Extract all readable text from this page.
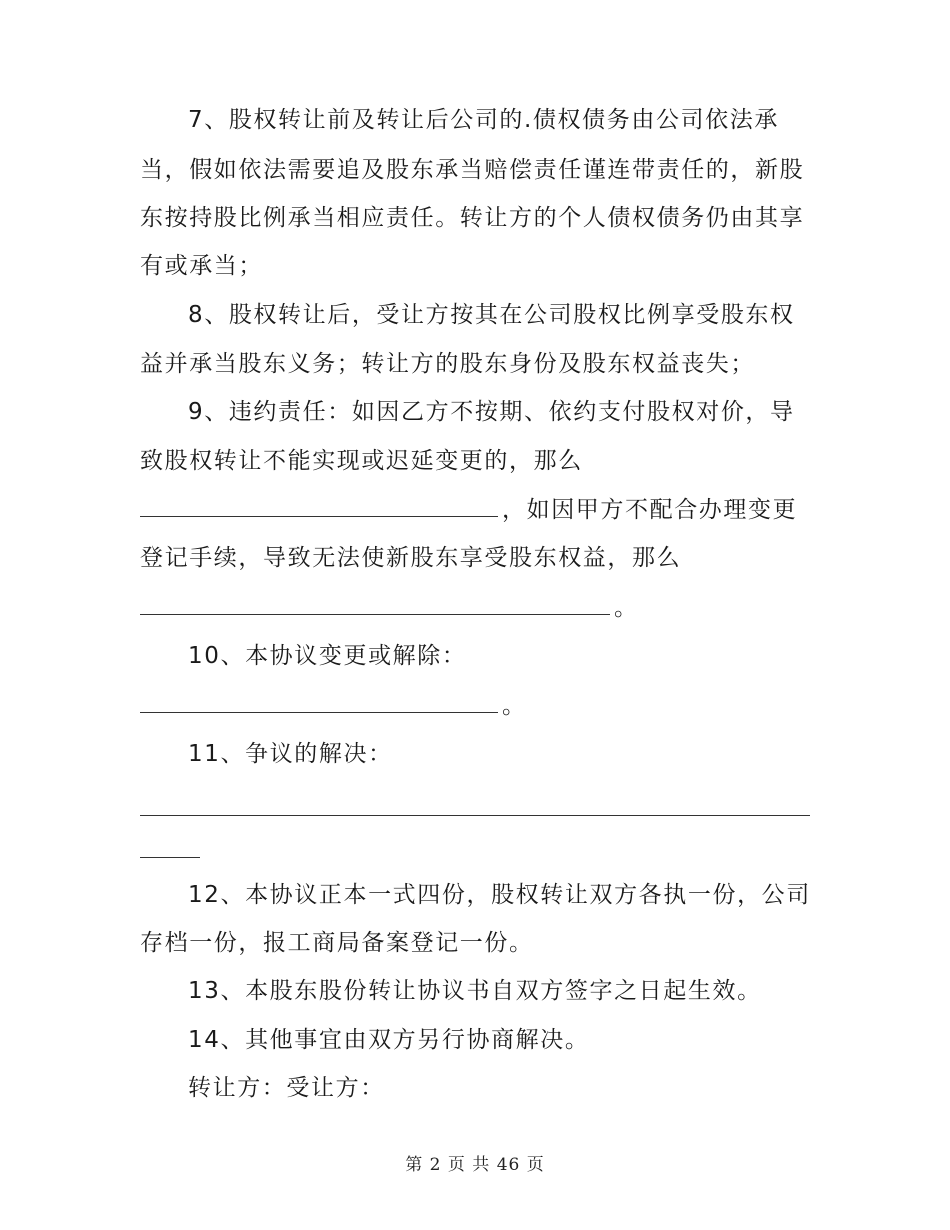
7、股权转让前及转让后公司的.债权债务由公司依法承
当，假如依法需要追及股东承当赔偿责任谨连带责任的，新股
东按持股比例承当相应责任。转让方的个人债权债务仍由其享
有或承当；
8、股权转让后，受让方按其在公司股权比例享受股东权
益并承当股东义务；转让方的股东身份及股东权益丧失；
9、违约责任：如因乙方不按期、依约支付股权对价，导
致股权转让不能实现或迟延变更的，那么
，如因甲方不配合办理变更
登记手续，导致无法使新股东享受股东权益，那么
。
10、本协议变更或解除：
。
11、争议的解决：
12、本协议正本一式四份，股权转让双方各执一份，公司
存档一份，报工商局备案登记一份。
13、本股东股份转让协议书自双方签字之日起生效。
14、其他事宜由双方另行协商解决。
转让方：受让方：
第 2 页 共 46 页
